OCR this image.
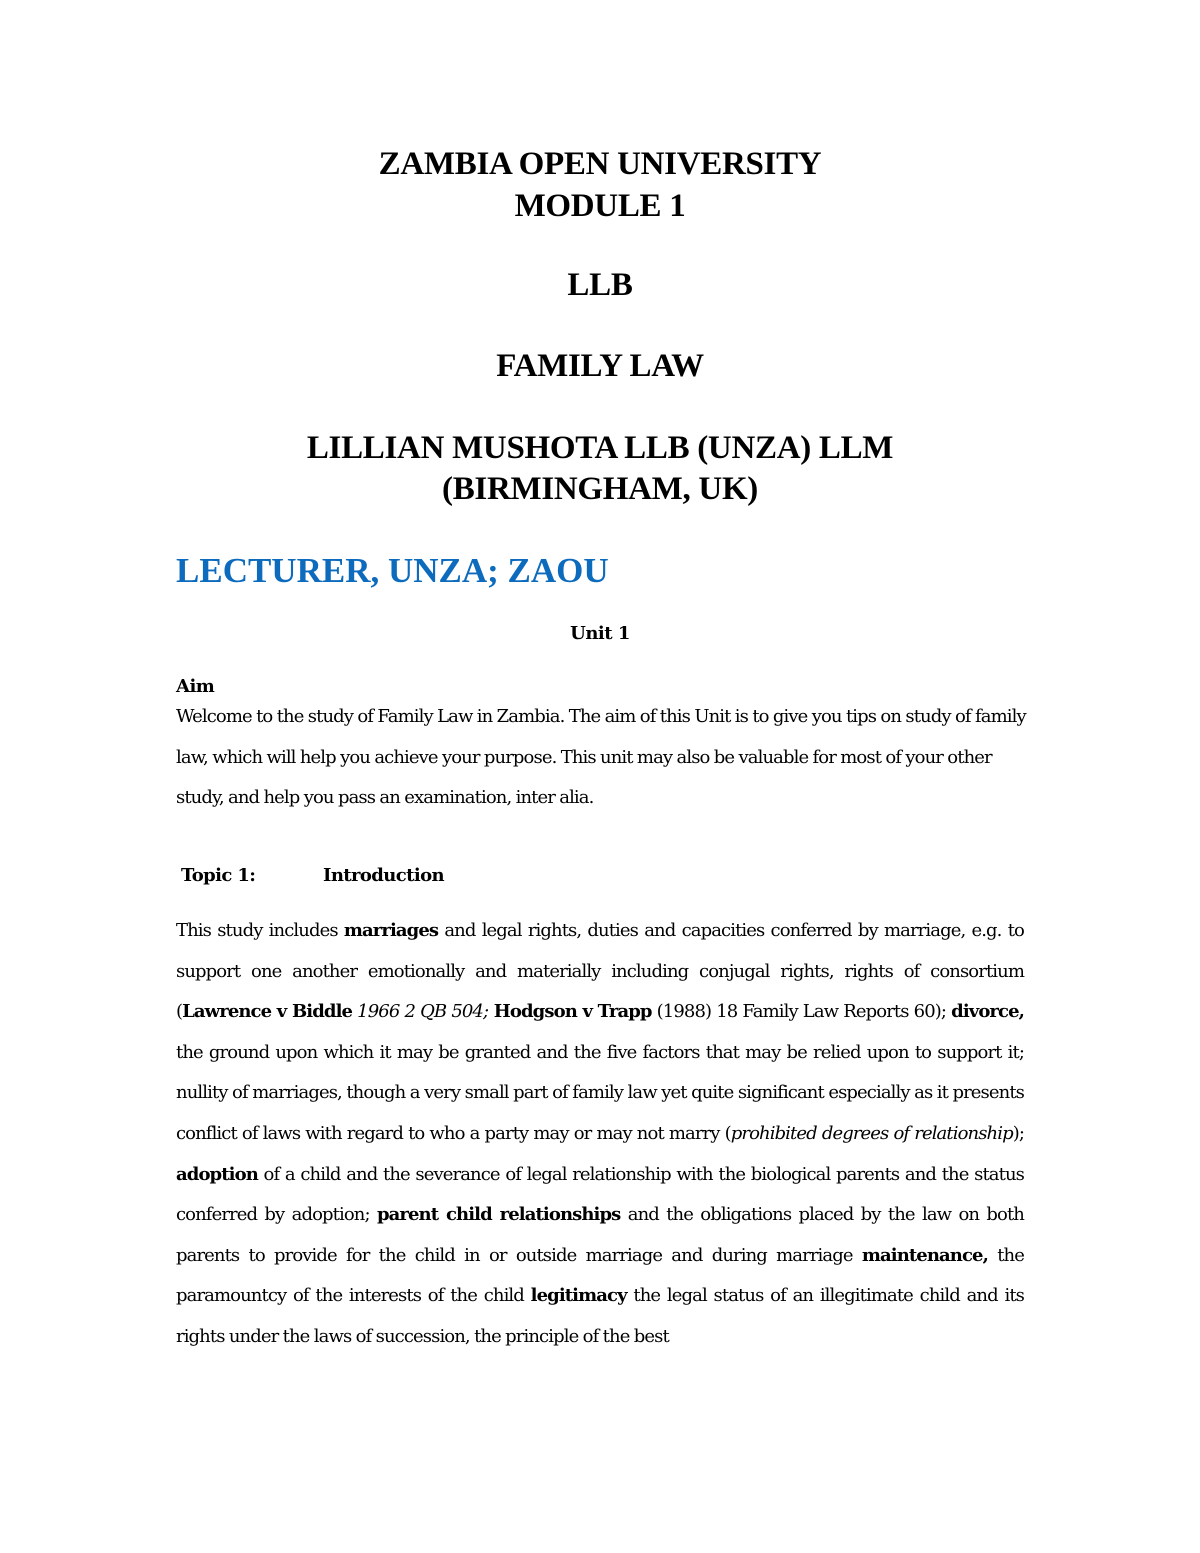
ZAMBIA OPEN UNIVERSITY
MODULE 1
LLB
FAMILY LAW
LILLIAN MUSHOTA LLB (UNZA) LLM
(BIRMINGHAM, UK)
LECTURER, UNZA; ZAOU
Unit 1
Aim

Welcome to the study of Family Law in Zambia. The aim of this Unit is to give you tips on study of family law, which will help you achieve your purpose. This unit may also be valuable for most of your other study, and help you pass an examination, inter alia.

Topic 1:	Introduction

This study includes marriages and legal rights, duties and capacities conferred by marriage, e.g. to support one another emotionally and materially including conjugal rights, rights of consortium (Lawrence v Biddle 1966 2 QB 504; Hodgson v Trapp (1988) 18 Family Law Reports 60); divorce, the ground upon which it may be granted and the five factors that may be relied upon to support it; nullity of marriages, though a very small part of family law yet quite significant especially as it presents conflict of laws with regard to who a party may or may not marry (prohibited degrees of relationship); adoption of a child and the severance of legal relationship with the biological parents and the status conferred by adoption; parent child relationships and the obligations placed by the law on both parents to provide for the child in or outside marriage and during marriage maintenance, the paramountcy of the interests of the child legitimacy the legal status of an illegitimate child and its rights under the laws of succession, the principle of the best
